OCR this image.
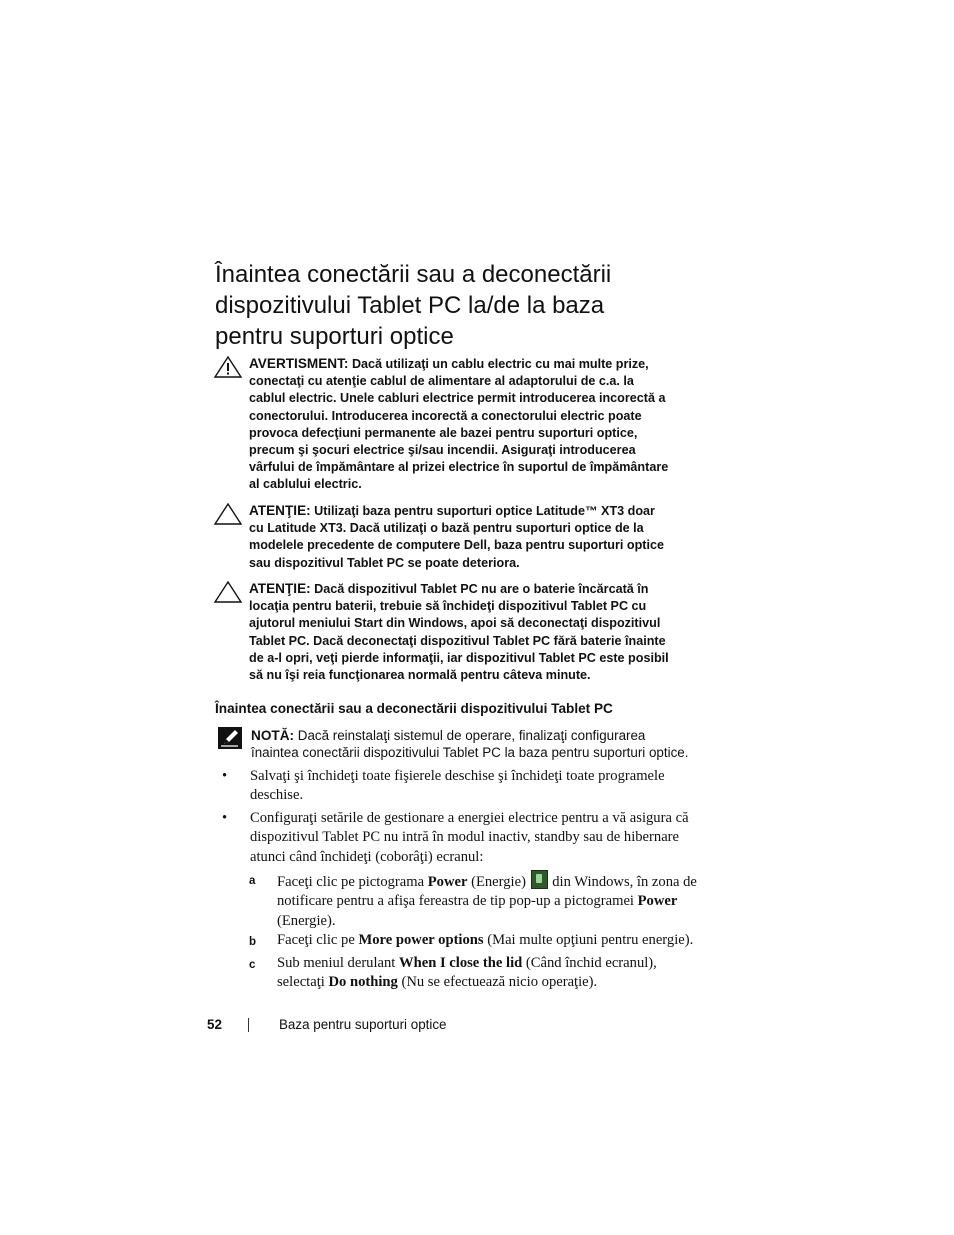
Înaintea conectării sau a deconectării
dispozitivului Tablet PC la/de la baza
pentru suporturi optice
AVERTISMENT: Dacă utilizaţi un cablu electric cu mai multe prize,
conectaţi cu atenţie cablul de alimentare al adaptorului de c.a. la
cablul electric. Unele cabluri electrice permit introducerea incorectă a
conectorului. Introducerea incorectă a conectorului electric poate
provoca defecţiuni permanente ale bazei pentru suporturi optice,
precum şi şocuri electrice şi/sau incendii. Asiguraţi introducerea
vârfului de împământare al prizei electrice în suportul de împământare
al cablului electric.
ATENŢIE: Utilizaţi baza pentru suporturi optice Latitude™ XT3 doar
cu Latitude XT3. Dacă utilizaţi o bază pentru suporturi optice de la
modelele precedente de computere Dell, baza pentru suporturi optice
sau dispozitivul Tablet PC se poate deteriora.
ATENŢIE: Dacă dispozitivul Tablet PC nu are o baterie încărcată în
locaţia pentru baterii, trebuie să închideţi dispozitivul Tablet PC cu
ajutorul meniului Start din Windows, apoi să deconectaţi dispozitivul
Tablet PC. Dacă deconectaţi dispozitivul Tablet PC fără baterie înainte
de a-l opri, veţi pierde informaţii, iar dispozitivul Tablet PC este posibil
să nu îşi reia funcţionarea normală pentru câteva minute.
Înaintea conectării sau a deconectării dispozitivului Tablet PC
NOTĂ: Dacă reinstalaţi sistemul de operare, finalizaţi configurarea
înaintea conectării dispozitivului Tablet PC la baza pentru suporturi optice.
• Salvaţi şi închideţi toate fişierele deschise şi închideţi toate programele
deschise.
• Configuraţi setările de gestionare a energiei electrice pentru a vă asigura că
dispozitivul Tablet PC nu intră în modul inactiv, standby sau de hibernare
atunci când închideţi (coborâţi) ecranul:
a Faceţi clic pe pictograma Power (Energie)  din Windows, în zona de
notificare pentru a afişa fereastra de tip pop-up a pictogramei Power
(Energie).
b Faceţi clic pe More power options (Mai multe opţiuni pentru energie).
c Sub meniul derulant When I close the lid (Când închid ecranul),
selectaţi Do nothing (Nu se efectuează nicio operaţie).
52	Baza pentru suporturi optice
